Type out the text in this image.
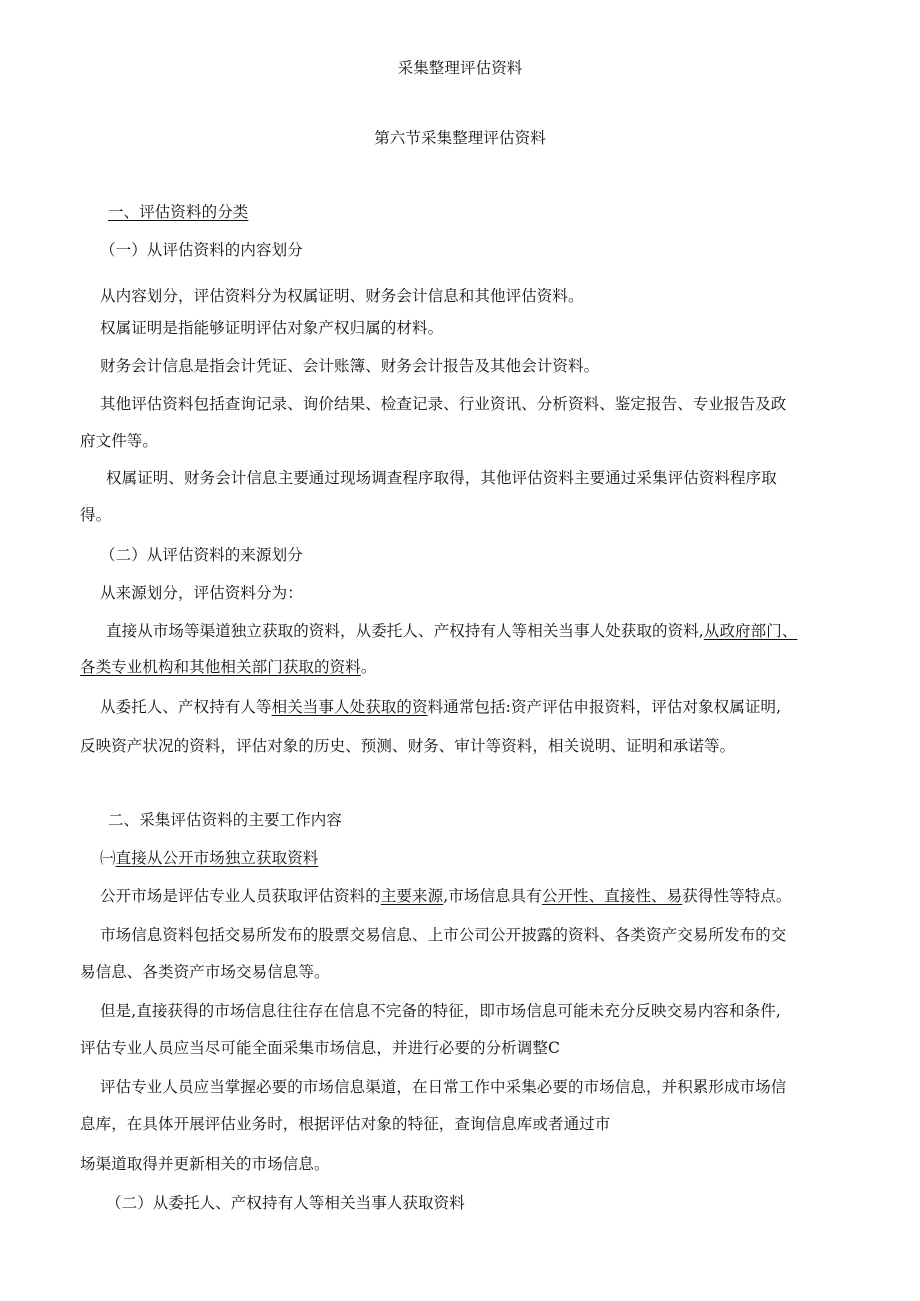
采集整理评估资料
第六节采集整理评估资料
一、评估资料的分类
（一）从评估资料的内容划分
从内容划分，评估资料分为权属证明、财务会计信息和其他评估资料。
权属证明是指能够证明评估对象产权归属的材料。
财务会计信息是指会计凭证、会计账簿、财务会计报告及其他会计资料。
其他评估资料包括查询记录、询价结果、检查记录、行业资讯、分析资料、鉴定报告、专业报告及政
府文件等。
权属证明、财务会计信息主要通过现场调查程序取得，其他评估资料主要通过采集评估资料程序取
得。
（二）从评估资料的来源划分
从来源划分，评估资料分为：
直接从市场等渠道独立获取的资料，从委托人、产权持有人等相关当事人处获取的资料,从政府部门、
各类专业机构和其他相关部门获取的资料。
从委托人、产权持有人等相关当事人处获取的资料通常包括:资产评估申报资料，评估对象权属证明,
反映资产状况的资料，评估对象的历史、预测、财务、审计等资料，相关说明、证明和承诺等。
二、采集评估资料的主要工作内容
㈠直接从公开市场独立获取资料
公开市场是评估专业人员获取评估资料的主要来源,市场信息具有公开性、直接性、易获得性等特点。
市场信息资料包括交易所发布的股票交易信息、上市公司公开披露的资料、各类资产交易所发布的交
易信息、各类资产市场交易信息等。
但是,直接获得的市场信息往往存在信息不完备的特征，即市场信息可能未充分反映交易内容和条件,
评估专业人员应当尽可能全面采集市场信息，并进行必要的分析调整C
评估专业人员应当掌握必要的市场信息渠道，在日常工作中采集必要的市场信息，并积累形成市场信
息库，在具体开展评估业务时，根据评估对象的特征，查询信息库或者通过市
场渠道取得并更新相关的市场信息。
（二）从委托人、产权持有人等相关当事人获取资料
